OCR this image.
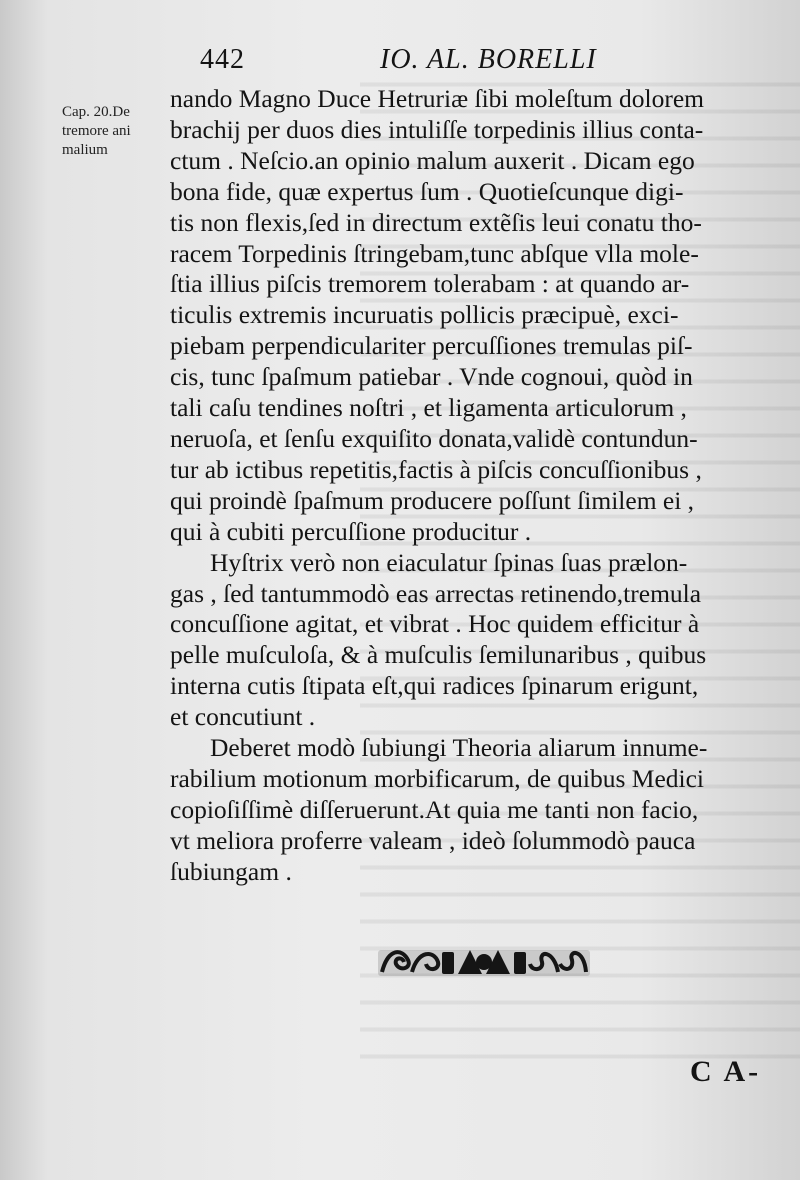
442	IO. AL. BORELLI
Cap. 20.De
tremore ani
malium
nando Magno Duce Hetruriæ ſibi moleſtum dolorem
brachij per duos dies intuliſſe torpedinis illius conta-
ctum . Neſcio.an opinio malum auxerit . Dicam ego
bona fide, quæ expertus ſum . Quotieſcunque digi-
tis non flexis,ſed in directum extẽſis leui conatu tho-
racem Torpedinis ſtringebam,tunc abſque vlla mole-
ſtia illius piſcis tremorem tolerabam : at quando ar-
ticulis extremis incuruatis pollicis præcipuè, exci-
piebam perpendiculariter percuſſiones tremulas piſ-
cis, tunc ſpaſmum patiebar . Vnde cognoui, quòd in
tali caſu tendines noſtri , et ligamenta articulorum ,
neruoſa, et ſenſu exquiſito donata,validè contundun-
tur ab ictibus repetitis,factis à piſcis concuſſionibus ,
qui proindè ſpaſmum producere poſſunt ſimilem ei ,
qui à cubiti percuſſione producitur .
Hyſtrix verò non eiaculatur ſpinas ſuas prælon-
gas , ſed tantummodò eas arrectas retinendo,tremula
concuſſione agitat, et vibrat . Hoc quidem efficitur à
pelle muſculoſa, & à muſculis ſemilunaribus , quibus
interna cutis ſtipata eſt,qui radices ſpinarum erigunt,
et concutiunt .
Deberet modò ſubiungi Theoria aliarum innume-
rabilium motionum morbificarum, de quibus Medici
copioſiſſimè diſſeruerunt.At quia me tanti non facio,
vt meliora proferre valeam , ideò ſolummodò pauca
ſubiungam .
C A-
